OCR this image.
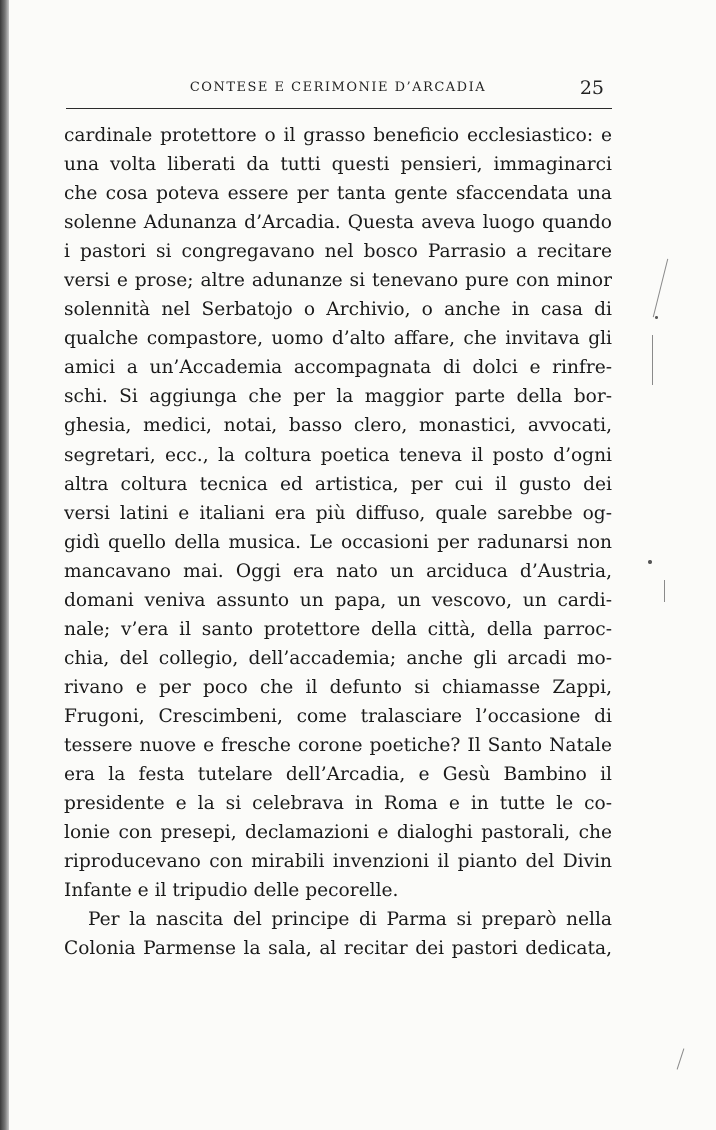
CONTESE E CERIMONIE D’ARCADIA	25
cardinale protettore o il grasso beneficio ecclesiastico: e
una volta liberati da tutti questi pensieri, immaginarci
che cosa poteva essere per tanta gente sfaccendata una
solenne Adunanza d’Arcadia. Questa aveva luogo quando
i pastori si congregavano nel bosco Parrasio a recitare
versi e prose; altre adunanze si tenevano pure con minor
solennità nel Serbatojo o Archivio, o anche in casa di
qualche compastore, uomo d’alto affare, che invitava gli
amici a un’Accademia accompagnata di dolci e rinfre-
schi. Si aggiunga che per la maggior parte della bor-
ghesia, medici, notai, basso clero, monastici, avvocati,
segretari, ecc., la coltura poetica teneva il posto d’ogni
altra coltura tecnica ed artistica, per cui il gusto dei
versi latini e italiani era più diffuso, quale sarebbe og-
gidì quello della musica. Le occasioni per radunarsi non
mancavano mai. Oggi era nato un arciduca d’Austria,
domani veniva assunto un papa, un vescovo, un cardi-
nale; v’era il santo protettore della città, della parroc-
chia, del collegio, dell’accademia; anche gli arcadi mo-
rivano e per poco che il defunto si chiamasse Zappi,
Frugoni, Crescimbeni, come tralasciare l’occasione di
tessere nuove e fresche corone poetiche? Il Santo Natale
era la festa tutelare dell’Arcadia, e Gesù Bambino il
presidente e la si celebrava in Roma e in tutte le co-
lonie con presepi, declamazioni e dialoghi pastorali, che
riproducevano con mirabili invenzioni il pianto del Divin
Infante e il tripudio delle pecorelle.
Per la nascita del principe di Parma si preparò nella
Colonia Parmense la sala, al recitar dei pastori dedicata,
